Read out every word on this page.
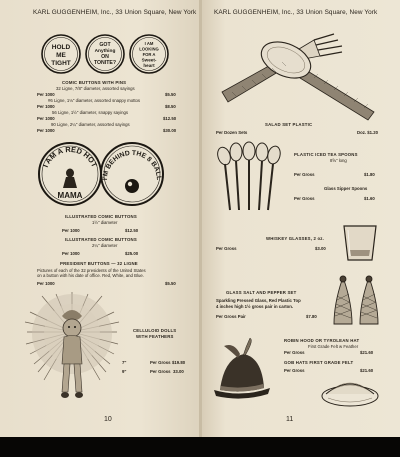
KARL GUGGENHEIM, Inc., 33 Union Square, New York
HOLD
ME
TIGHT
GOT
Anything
ON
TONITE?
I AM
LOOKING
FOR A
Sweet-
heart
COMIC BUTTONS WITH PINS
32 Ligne, 7/8" diameter, assorted sayings
Per 1000	$5.50
#6 Ligne, 1⅛" diameter, assorted snappy mottos
Per 1000	$8.50
56 Ligne, 1½" diameter, snappy sayings
Per 1000	$12.50
90 Ligne, 2¼" diameter, assorted sayings
Per 1000	$30.00
I AM A RED HOT
MAMA
I'M BEHIND THE 8 BALL
ILLUSTRATED COMIC BUTTONS
1½" diameter
Per 1000	$12.50
ILLUSTRATED COMIC BUTTONS
2¼" diameter
Per 1000	$25.00
PRESIDENT BUTTONS — 32 LIGNE
Pictures of each of the 32 presidents of the United States
on a button with his date of office. Red, White, and Blue.
Per 1000	$5.50
CELLULOID DOLLS
WITH FEATHERS
7"	Per Gross $19.80
9"	Per Gross 33.00
10
KARL GUGGENHEIM, Inc., 33 Union Square, New York
SALAD SET PLASTIC
Per Dozen Sets	Doz. $1.20
PLASTIC ICED TEA SPOONS
8⅝" long
Per Gross	$1.80
Glass Sipper Spoons
Per Gross	$1.60
WHISKEY GLASSES, 2 oz.
Per Gross	$3.00
GLASS SALT AND PEPPER SET
Sparkling Pressed Glass, Red Plastic Top
4 inches high 1½ gross pair in carton.
Per Gross Pair	$7.80
ROBIN HOOD OR TYROLEAN HAT
First Grade Felt w Feather
Per Gross	$21.60
GOB HATS FIRST GRADE FELT
Per Gross	$21.60
11
